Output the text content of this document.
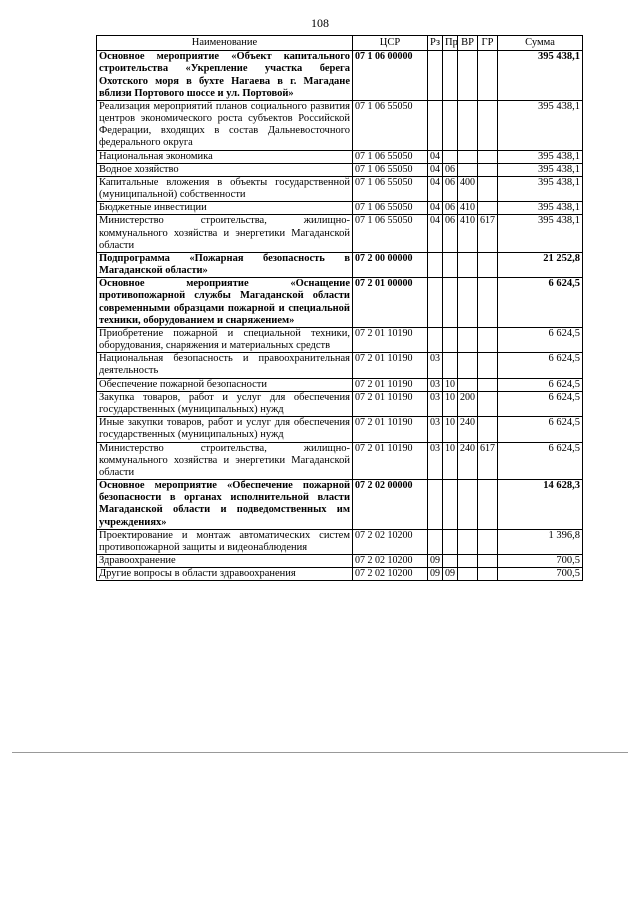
108
Наименование	ЦСР	Рз	Пр	ВР	ГР	Сумма
Основное мероприятие «Объект капитального строительства «Укрепление участка берега Охотского моря в бухте Нагаева в г. Магадане вблизи Портового шоссе и ул. Портовой»	07 1 06 00000					395 438,1
Реализация мероприятий планов социального развития центров экономического роста субъектов Российской Федерации, входящих в состав Дальневосточного федерального округа	07 1 06 55050					395 438,1
Национальная экономика	07 1 06 55050	04				395 438,1
Водное хозяйство	07 1 06 55050	04	06			395 438,1
Капитальные вложения в объекты государственной (муниципальной) собственности	07 1 06 55050	04	06	400		395 438,1
Бюджетные инвестиции	07 1 06 55050	04	06	410		395 438,1
Министерство строительства, жилищно-коммунального хозяйства и энергетики Магаданской области	07 1 06 55050	04	06	410	617	395 438,1
Подпрограмма «Пожарная безопасность в Магаданской области»	07 2 00 00000					21 252,8
Основное мероприятие «Оснащение противопожарной службы Магаданской области современными образцами пожарной и специальной техники, оборудованием и снаряжением»	07 2 01 00000					6 624,5
Приобретение пожарной и специальной техники, оборудования, снаряжения и материальных средств	07 2 01 10190					6 624,5
Национальная безопасность и правоохранительная деятельность	07 2 01 10190	03				6 624,5
Обеспечение пожарной безопасности	07 2 01 10190	03	10			6 624,5
Закупка товаров, работ и услуг для обеспечения государственных (муниципальных) нужд	07 2 01 10190	03	10	200		6 624,5
Иные закупки товаров, работ и услуг для обеспечения государственных (муниципальных) нужд	07 2 01 10190	03	10	240		6 624,5
Министерство строительства, жилищно-коммунального хозяйства и энергетики Магаданской области	07 2 01 10190	03	10	240	617	6 624,5
Основное мероприятие «Обеспечение пожарной безопасности в органах исполнительной власти Магаданской области и подведомственных им учреждениях»	07 2 02 00000					14 628,3
Проектирование и монтаж автоматических систем противопожарной защиты и видеонаблюдения	07 2 02 10200					1 396,8
Здравоохранение	07 2 02 10200	09				700,5
Другие вопросы в области здравоохранения	07 2 02 10200	09	09			700,5
